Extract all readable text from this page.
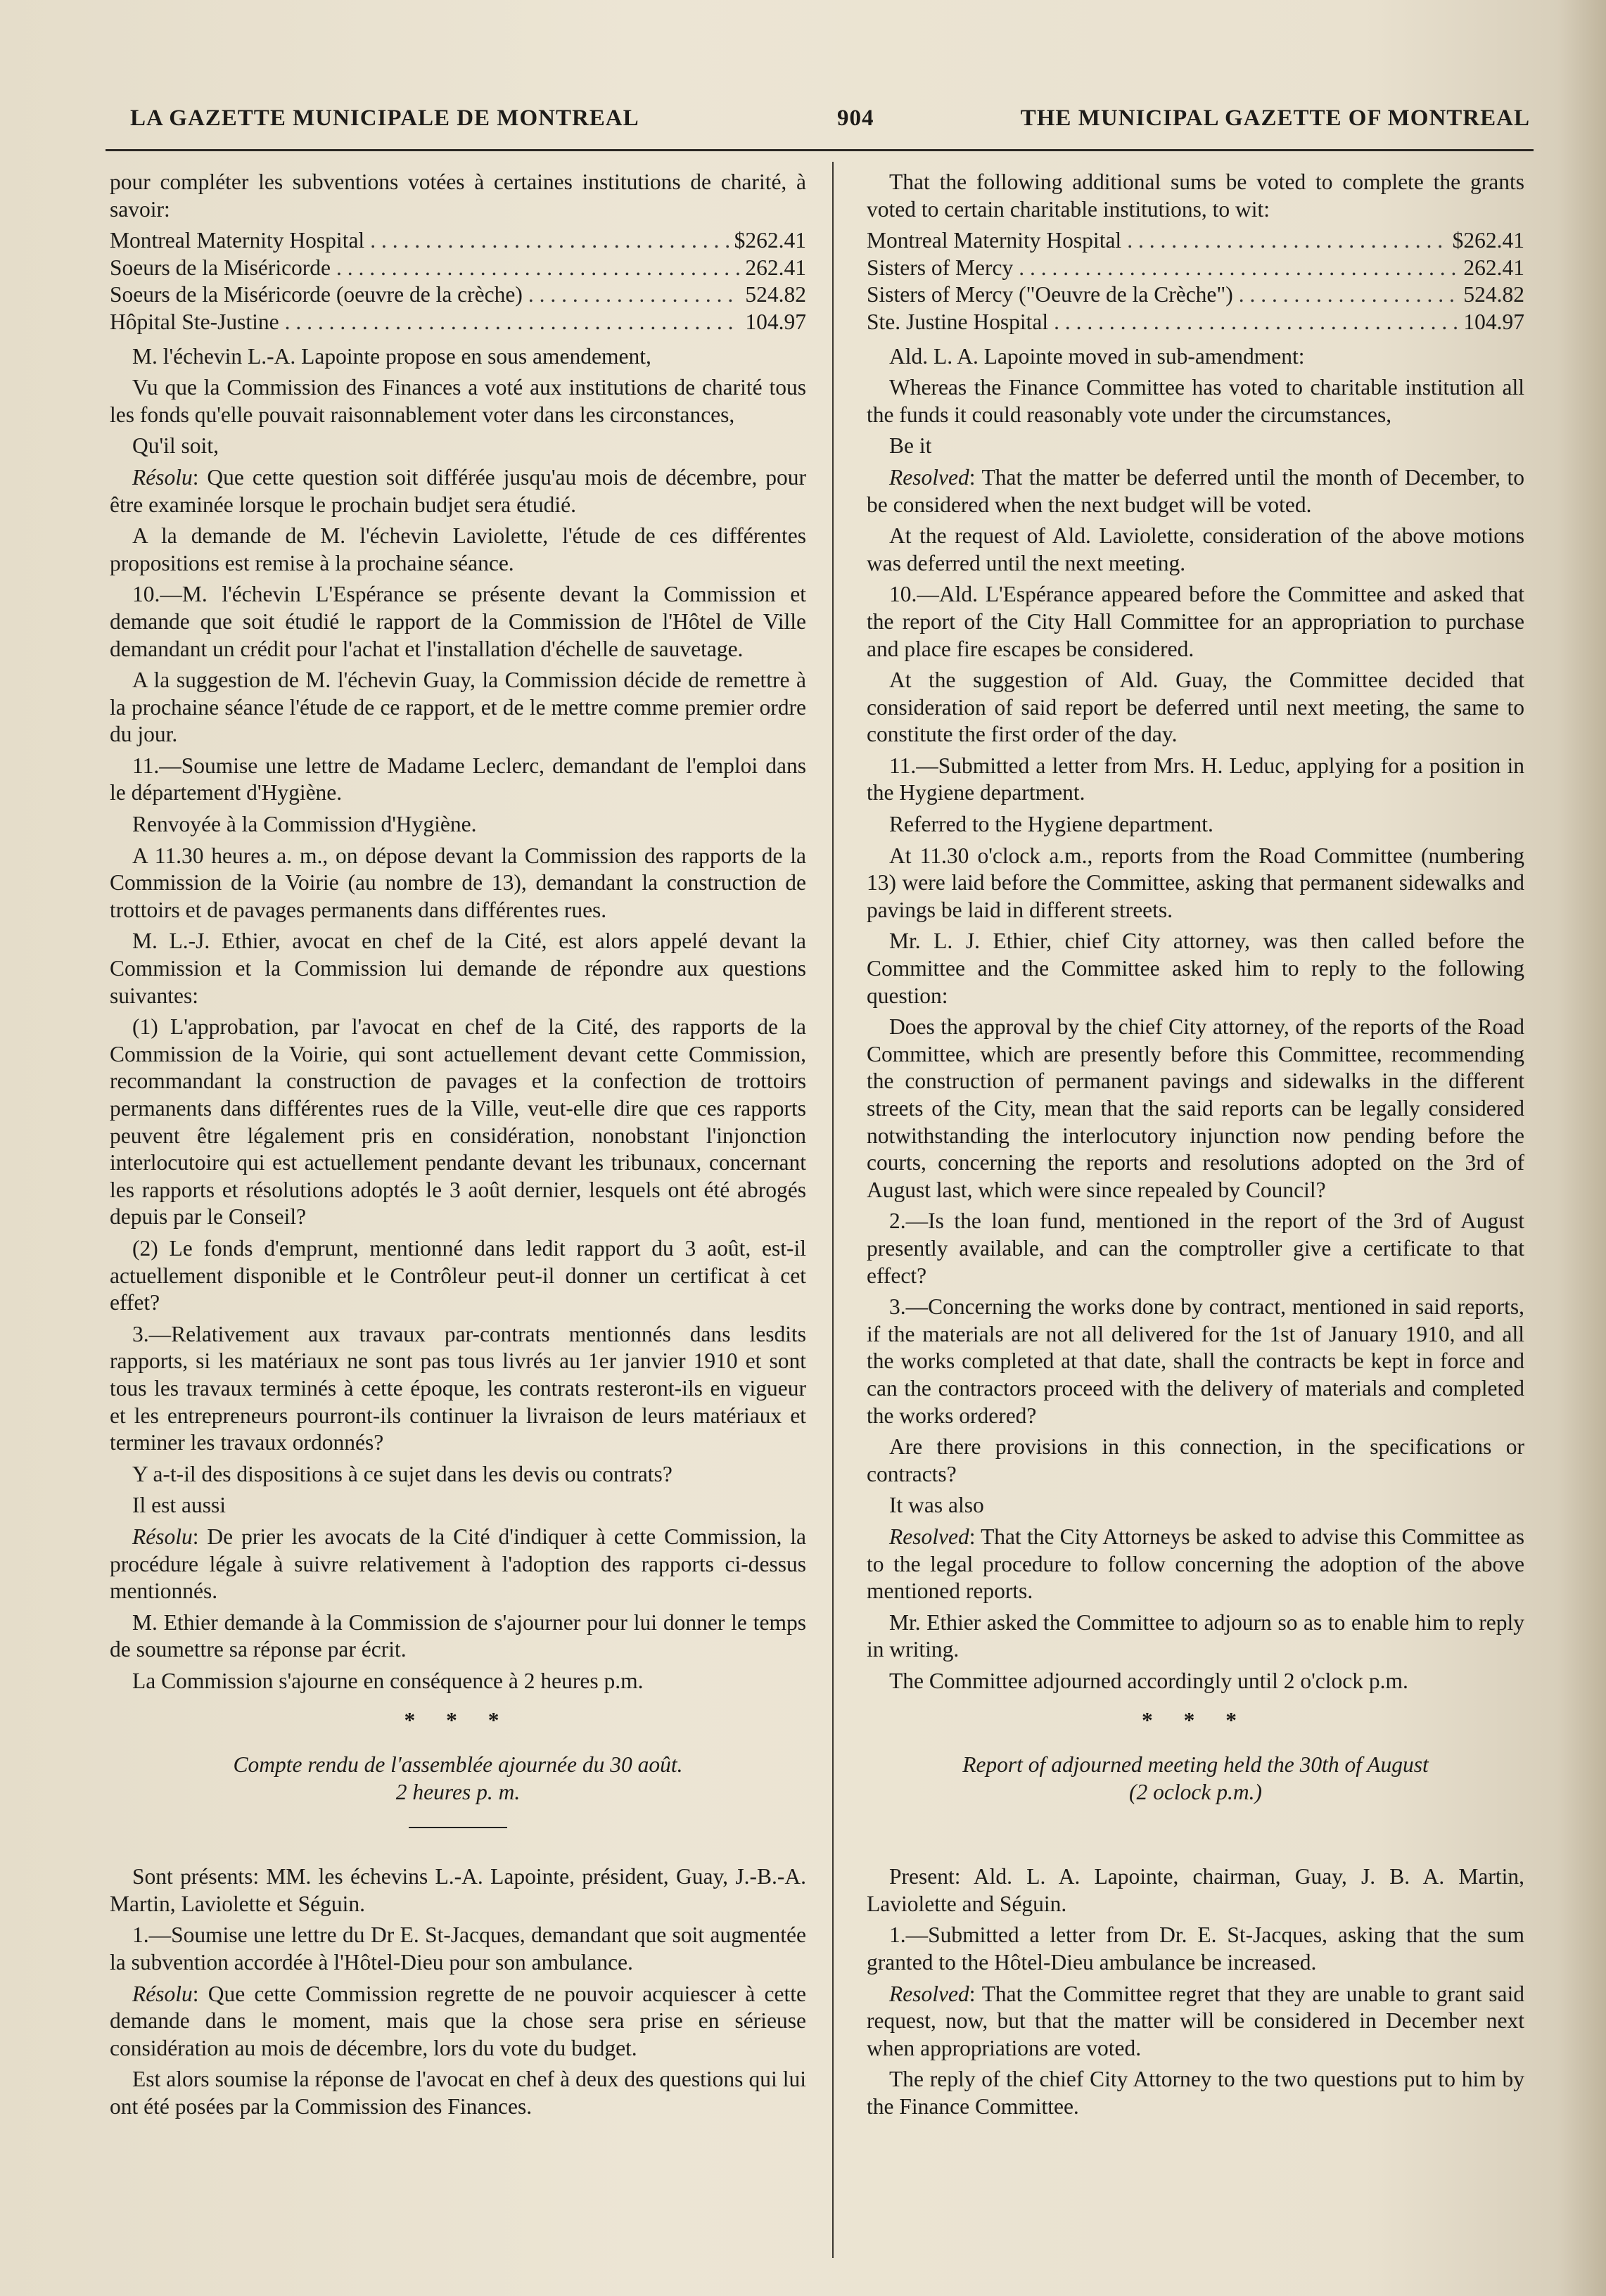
LA GAZETTE MUNICIPALE DE MONTREAL	904	THE MUNICIPAL GAZETTE OF MONTREAL

pour compléter les subventions votées à certaines institutions de charité, à savoir:

Montreal Maternity Hospital . . .	$262.41
Soeurs de la Miséricorde . . .	262.41
Soeurs de la Miséricorde (oeuvre de la crèche) . . .	524.82
Hôpital Ste-Justine . . .	104.97

M. l'échevin L.-A. Lapointe propose en sous amendement,

Vu que la Commission des Finances a voté aux institutions de charité tous les fonds qu'elle pouvait raisonnablement voter dans les circonstances,

Qu'il soit,

Résolu: Que cette question soit différée jusqu'au mois de décembre, pour être examinée lorsque le prochain budjet sera étudié.

A la demande de M. l'échevin Laviolette, l'étude de ces différentes propositions est remise à la prochaine séance.

10.—M. l'échevin L'Espérance se présente devant la Commission et demande que soit étudié le rapport de la Commission de l'Hôtel de Ville demandant un crédit pour l'achat et l'installation d'échelle de sauvetage.

A la suggestion de M. l'échevin Guay, la Commission décide de remettre à la prochaine séance l'étude de ce rapport, et de le mettre comme premier ordre du jour.

11.—Soumise une lettre de Madame Leclerc, demandant de l'emploi dans le département d'Hygiène.

Renvoyée à la Commission d'Hygiène.

A 11.30 heures a. m., on dépose devant la Commission des rapports de la Commission de la Voirie (au nombre de 13), demandant la construction de trottoirs et de pavages permanents dans différentes rues.

M. L.-J. Ethier, avocat en chef de la Cité, est alors appelé devant la Commission et la Commission lui demande de répondre aux questions suivantes:

(1) L'approbation, par l'avocat en chef de la Cité, des rapports de la Commission de la Voirie, qui sont actuellement devant cette Commission, recommandant la construction de pavages et la confection de trottoirs permanents dans différentes rues de la Ville, veut-elle dire que ces rapports peuvent être légalement pris en considération, nonobstant l'injonction interlocutoire qui est actuellement pendante devant les tribunaux, concernant les rapports et résolutions adoptés le 3 août dernier, lesquels ont été abrogés depuis par le Conseil?

(2) Le fonds d'emprunt, mentionné dans ledit rapport du 3 août, est-il actuellement disponible et le Contrôleur peut-il donner un certificat à cet effet?

3.—Relativement aux travaux par-contrats mentionnés dans lesdits rapports, si les matériaux ne sont pas tous livrés au 1er janvier 1910 et sont tous les travaux terminés à cette époque, les contrats resteront-ils en vigueur et les entrepreneurs pourront-ils continuer la livraison de leurs matériaux et terminer les travaux ordonnés?

Y a-t-il des dispositions à ce sujet dans les devis ou contrats?

Il est aussi

Résolu: De prier les avocats de la Cité d'indiquer à cette Commission, la procédure légale à suivre relativement à l'adoption des rapports ci-dessus mentionnés.

M. Ethier demande à la Commission de s'ajourner pour lui donner le temps de soumettre sa réponse par écrit.

La Commission s'ajourne en conséquence à 2 heures p.m.

* * *
Compte rendu de l'assemblée ajournée du 30 août.
2 heures p. m.

Sont présents: MM. les échevins L.-A. Lapointe, président, Guay, J.-B.-A. Martin, Laviolette et Séguin.

1.—Soumise une lettre du Dr E. St-Jacques, demandant que soit augmentée la subvention accordée à l'Hôtel-Dieu pour son ambulance.

Résolu: Que cette Commission regrette de ne pouvoir acquiescer à cette demande dans le moment, mais que la chose sera prise en sérieuse considération au mois de décembre, lors du vote du budget.

Est alors soumise la réponse de l'avocat en chef à deux des questions qui lui ont été posées par la Commission des Finances.

That the following additional sums be voted to complete the grants voted to certain charitable institutions, to wit:

Montreal Maternity Hospital . . .	$262.41
Sisters of Mercy . . .	262.41
Sisters of Mercy ("Oeuvre de la Crèche") . . .	524.82
Ste. Justine Hospital . . .	104.97

Ald. L. A. Lapointe moved in sub-amendment:

Whereas the Finance Committee has voted to charitable institution all the funds it could reasonably vote under the circumstances,

Be it

Resolved: That the matter be deferred until the month of December, to be considered when the next budget will be voted.

At the request of Ald. Laviolette, consideration of the above motions was deferred until the next meeting.

10.—Ald. L'Espérance appeared before the Committee and asked that the report of the City Hall Committee for an appropriation to purchase and place fire escapes be considered.

At the suggestion of Ald. Guay, the Committee decided that consideration of said report be deferred until next meeting, the same to constitute the first order of the day.

11.—Submitted a letter from Mrs. H. Leduc, applying for a position in the Hygiene department.

Referred to the Hygiene department.

At 11.30 o'clock a.m., reports from the Road Committee (numbering 13) were laid before the Committee, asking that permanent sidewalks and pavings be laid in different streets.

Mr. L. J. Ethier, chief City attorney, was then called before the Committee and the Committee asked him to reply to the following question:

Does the approval by the chief City attorney, of the reports of the Road Committee, which are presently before this Committee, recommending the construction of permanent pavings and sidewalks in the different streets of the City, mean that the said reports can be legally considered notwithstanding the interlocutory injunction now pending before the courts, concerning the reports and resolutions adopted on the 3rd of August last, which were since repealed by Council?

2.—Is the loan fund, mentioned in the report of the 3rd of August presently available, and can the comptroller give a certificate to that effect?

3.—Concerning the works done by contract, mentioned in said reports, if the materials are not all delivered for the 1st of January 1910, and all the works completed at that date, shall the contracts be kept in force and can the contractors proceed with the delivery of materials and completed the works ordered?

Are there provisions in this connection, in the specifications or contracts?

It was also

Resolved: That the City Attorneys be asked to advise this Committee as to the legal procedure to follow concerning the adoption of the above mentioned reports.

Mr. Ethier asked the Committee to adjourn so as to enable him to reply in writing.

The Committee adjourned accordingly until 2 o'clock p.m.

* * *
Report of adjourned meeting held the 30th of August
(2 oclock p.m.)

Present: Ald. L. A. Lapointe, chairman, Guay, J. B. A. Martin, Laviolette and Séguin.

1.—Submitted a letter from Dr. E. St-Jacques, asking that the sum granted to the Hôtel-Dieu ambulance be increased.

Resolved: That the Committee regret that they are unable to grant said request, now, but that the matter will be considered in December next when appropriations are voted.

The reply of the chief City Attorney to the two questions put to him by the Finance Committee.
